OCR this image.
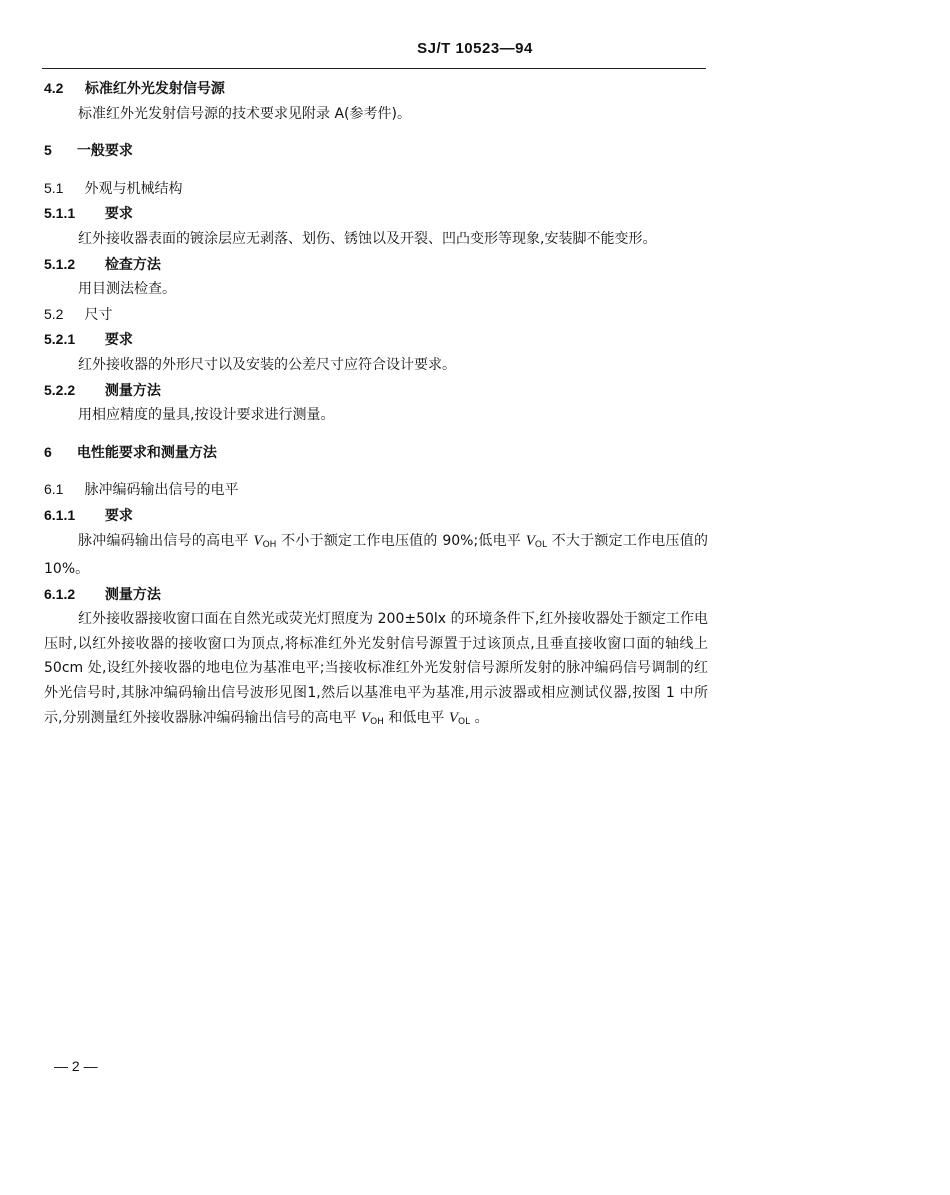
SJ/T 10523—94
4.2 标准红外光发射信号源
标准红外光发射信号源的技术要求见附录 A(参考件)。
5 一般要求
5.1 外观与机械结构
5.1.1 要求

红外接收器表面的镀涂层应无剥落、划伤、锈蚀以及开裂、凹凸变形等现象,安装脚不能变形。

5.1.2 检查方法
用目测法检查。
5.2 尺寸
5.2.1 要求
红外接收器的外形尺寸以及安装的公差尺寸应符合设计要求。
5.2.2 测量方法
用相应精度的量具,按设计要求进行测量。
6 电性能要求和测量方法
6.1 脉冲编码输出信号的电平
6.1.1 要求

脉冲编码输出信号的高电平 $V_{OH}$ 不小于额定工作电压值的 90%;低电平 $V_{OL}$ 不大于额定工作电压值的 10%。

6.1.2 测量方法

红外接收器接收窗口面在自然光或荧光灯照度为 200±50lx 的环境条件下,红外接收器处于额定工作电压时,以红外接收器的接收窗口为顶点,将标准红外光发射信号源置于过该顶点,且垂直接收窗口面的轴线上 50cm 处,设红外接收器的地电位为基准电平;当接收标准红外光发射信号源所发射的脉冲编码信号调制的红外光信号时,其脉冲编码输出信号波形见图1,然后以基准电平为基准,用示波器或相应测试仪器,按图 1 中所示,分别测量红外接收器脉冲编码输出信号的高电平 $V_{OH}$ 和低电平 $V_{OL}$ 。

— 2 —
